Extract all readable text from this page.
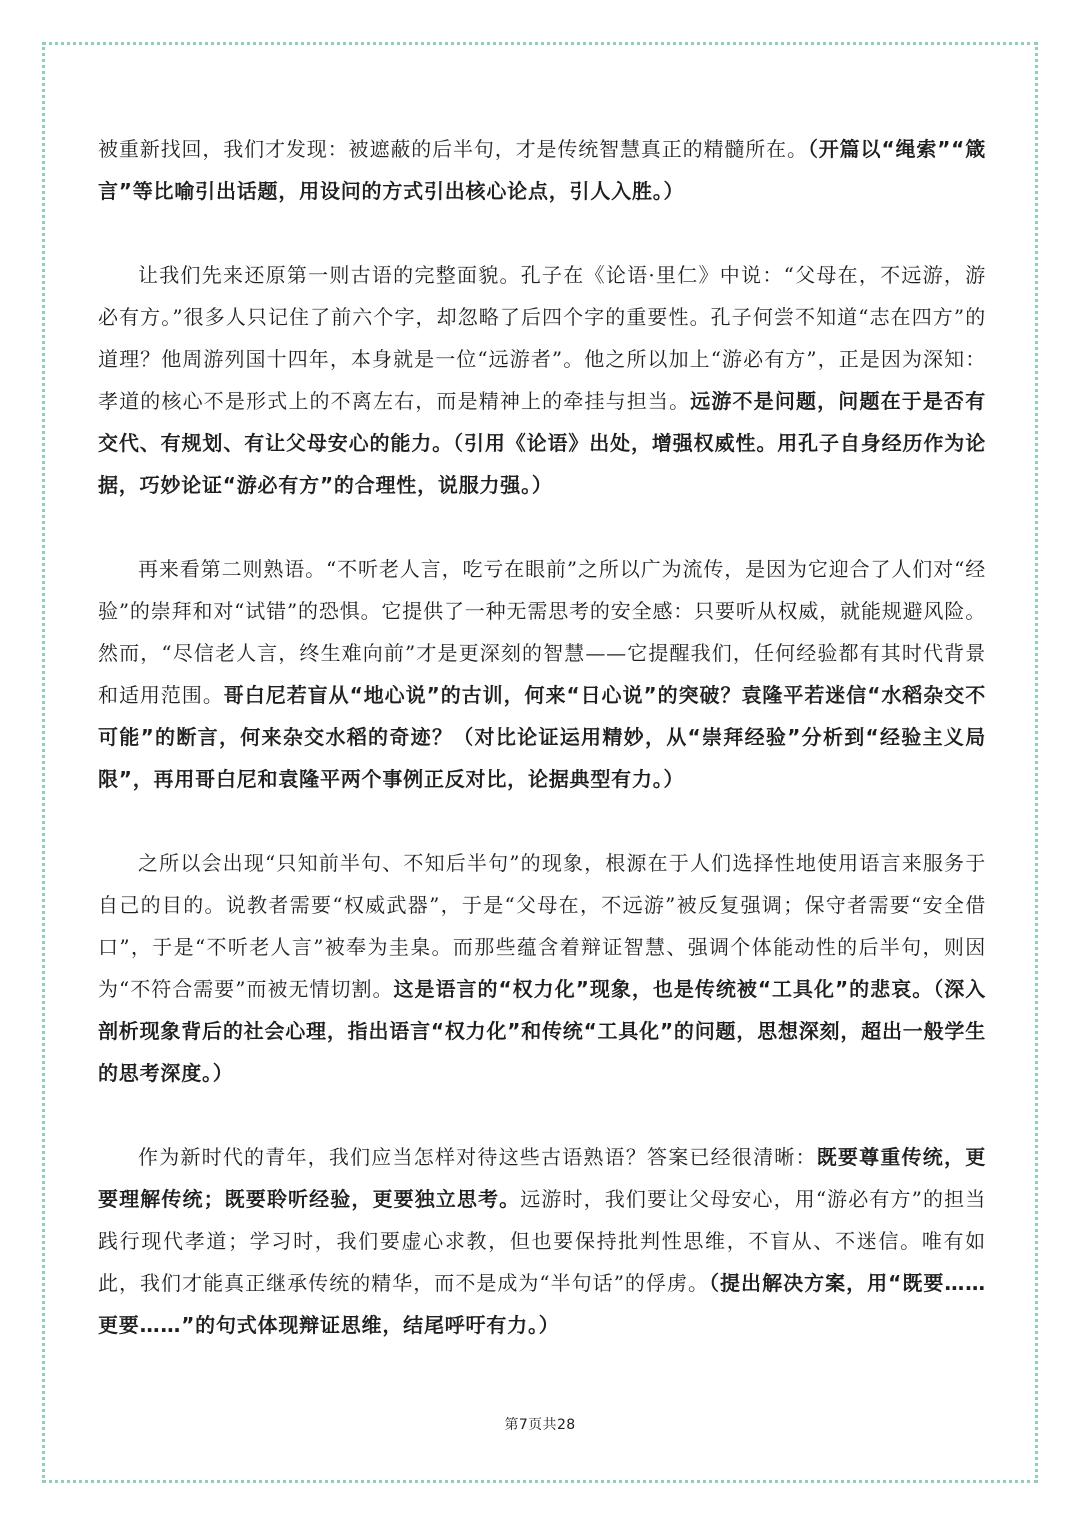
被重新找回，我们才发现：被遮蔽的后半句，才是传统智慧真正的精髓所在。（开篇以“绳索”“箴言”等比喻引出话题，用设问的方式引出核心论点，引人入胜。）

让我们先来还原第一则古语的完整面貌。孔子在《论语·里仁》中说：“父母在，不远游，游必有方。”很多人只记住了前六个字，却忽略了后四个字的重要性。孔子何尝不知道“志在四方”的道理？他周游列国十四年，本身就是一位“远游者”。他之所以加上“游必有方”，正是因为深知：孝道的核心不是形式上的不离左右，而是精神上的牵挂与担当。远游不是问题，问题在于是否有交代、有规划、有让父母安心的能力。（引用《论语》出处，增强权威性。用孔子自身经历作为论据，巧妙论证“游必有方”的合理性，说服力强。）

再来看第二则熟语。“不听老人言，吃亏在眼前”之所以广为流传，是因为它迎合了人们对“经验”的崇拜和对“试错”的恐惧。它提供了一种无需思考的安全感：只要听从权威，就能规避风险。然而，“尽信老人言，终生难向前”才是更深刻的智慧——它提醒我们，任何经验都有其时代背景和适用范围。哥白尼若盲从“地心说”的古训，何来“日心说”的突破？袁隆平若迷信“水稻杂交不可能”的断言，何来杂交水稻的奇迹？（对比论证运用精妙，从“崇拜经验”分析到“经验主义局限”，再用哥白尼和袁隆平两个事例正反对比，论据典型有力。）

之所以会出现“只知前半句、不知后半句”的现象，根源在于人们选择性地使用语言来服务于自己的目的。说教者需要“权威武器”，于是“父母在，不远游”被反复强调；保守者需要“安全借口”，于是“不听老人言”被奉为圭臬。而那些蕴含着辩证智慧、强调个体能动性的后半句，则因为“不符合需要”而被无情切割。这是语言的“权力化”现象，也是传统被“工具化”的悲哀。（深入剖析现象背后的社会心理，指出语言“权力化”和传统“工具化”的问题，思想深刻，超出一般学生的思考深度。）

作为新时代的青年，我们应当怎样对待这些古语熟语？答案已经很清晰：既要尊重传统，更要理解传统；既要聆听经验，更要独立思考。远游时，我们要让父母安心，用“游必有方”的担当践行现代孝道；学习时，我们要虚心求教，但也要保持批判性思维，不盲从、不迷信。唯有如此，我们才能真正继承传统的精华，而不是成为“半句话”的俘虏。（提出解决方案，用“既要……更要……”的句式体现辩证思维，结尾呼吁有力。）

第7页共28
